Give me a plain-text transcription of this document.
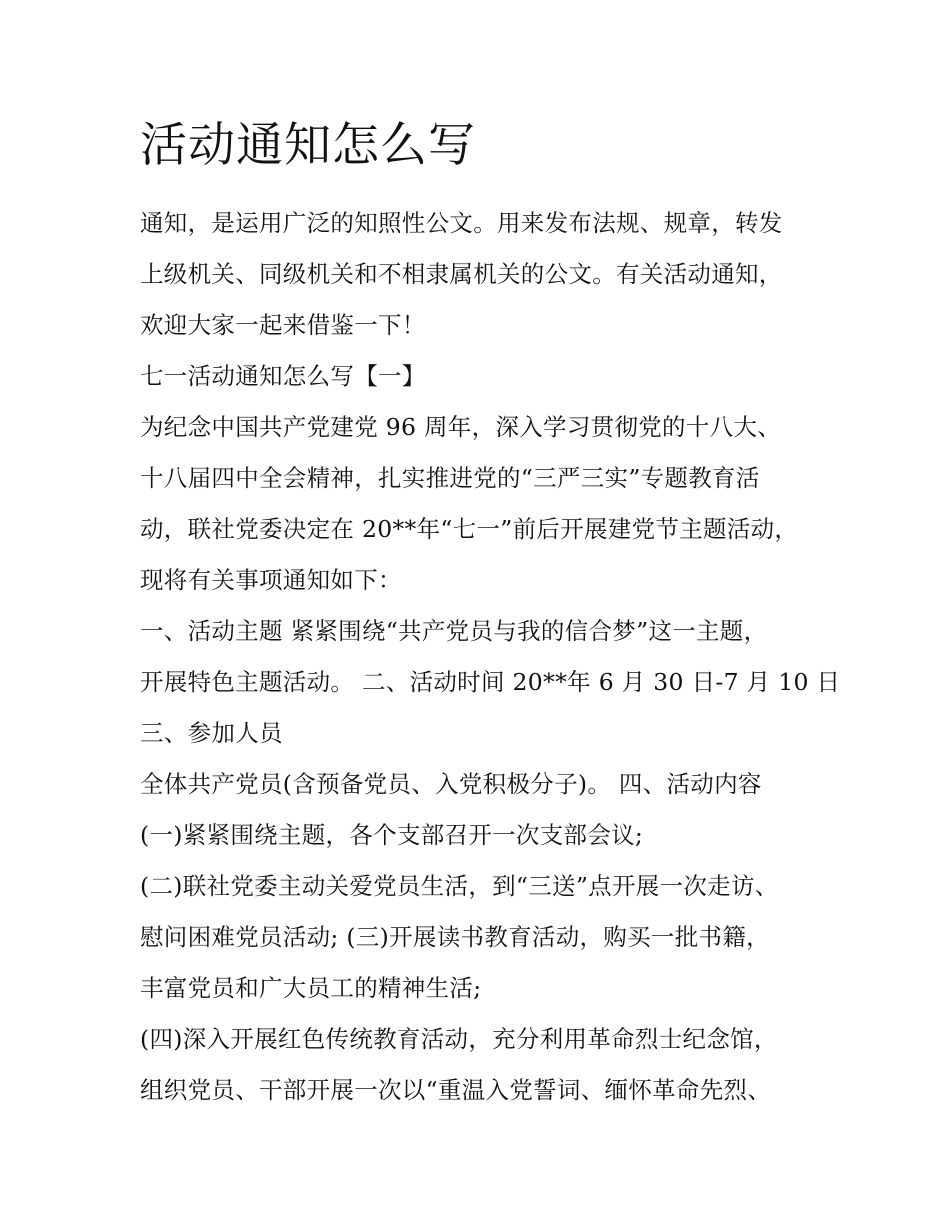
活动通知怎么写
通知，是运用广泛的知照性公文。用来发布法规、规章，转发
上级机关、同级机关和不相隶属机关的公文。有关活动通知，
欢迎大家一起来借鉴一下！
七一活动通知怎么写【一】
为纪念中国共产党建党 96 周年，深入学习贯彻党的十八大、
十八届四中全会精神，扎实推进党的“三严三实”专题教育活
动，联社党委决定在 20**年“七一”前后开展建党节主题活动，
现将有关事项通知如下：
一、活动主题 紧紧围绕“共产党员与我的信合梦”这一主题，
开展特色主题活动。 二、活动时间 20**年 6 月 30 日-7 月 10 日
三、参加人员
全体共产党员(含预备党员、入党积极分子)。 四、活动内容
(一)紧紧围绕主题，各个支部召开一次支部会议;
(二)联社党委主动关爱党员生活，到“三送”点开展一次走访、
慰问困难党员活动; (三)开展读书教育活动，购买一批书籍，
丰富党员和广大员工的精神生活;
(四)深入开展红色传统教育活动，充分利用革命烈士纪念馆，
组织党员、干部开展一次以“重温入党誓词、缅怀革命先烈、
